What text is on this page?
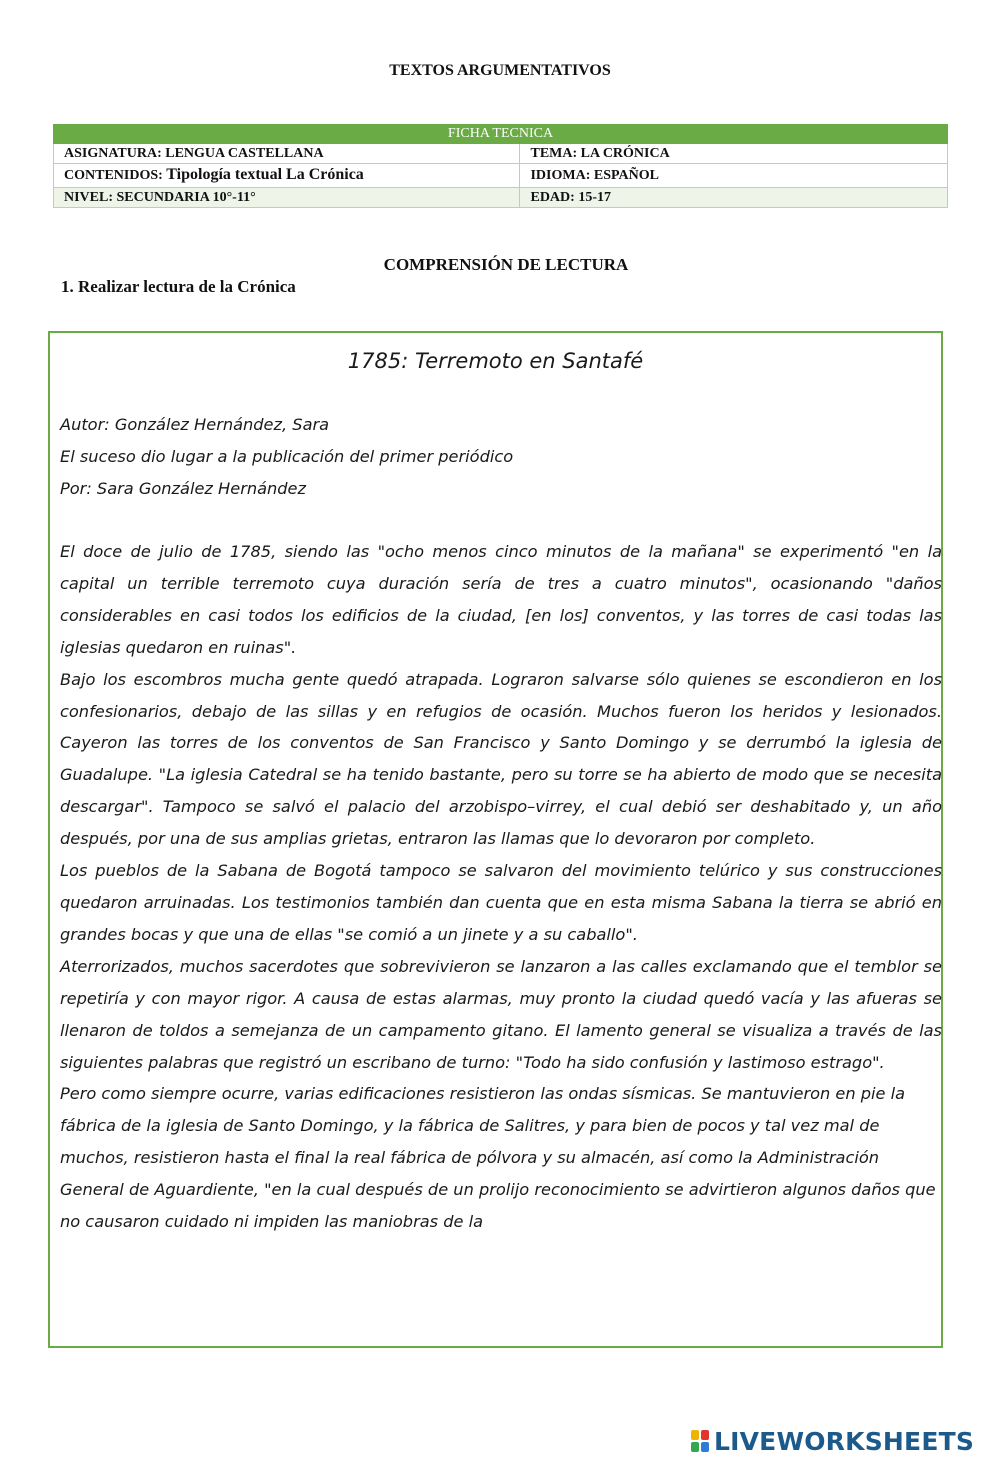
TEXTOS ARGUMENTATIVOS
FICHA TECNICA	
ASIGNATURA: LENGUA CASTELLANA	TEMA: LA CRÓNICA
CONTENIDOS: Tipología textual La Crónica	IDIOMA: ESPAÑOL
NIVEL: SECUNDARIA 10°-11°	EDAD: 15-17
COMPRENSIÓN DE LECTURA
1. Realizar lectura de la Crónica
1785: Terremoto en Santafé
Autor: González Hernández, Sara
El suceso dio lugar a la publicación del primer periódico
Por: Sara González Hernández

El doce de julio de 1785, siendo las "ocho menos cinco minutos de la mañana" se experimentó "en la capital un terrible terremoto cuya duración sería de tres a cuatro minutos", ocasionando "daños considerables en casi todos los edificios de la ciudad, [en los] conventos, y las torres de casi todas las iglesias quedaron en ruinas".

Bajo los escombros mucha gente quedó atrapada. Lograron salvarse sólo quienes se escondieron en los confesionarios, debajo de las sillas y en refugios de ocasión. Muchos fueron los heridos y lesionados. Cayeron las torres de los conventos de San Francisco y Santo Domingo y se derrumbó la iglesia de Guadalupe. "La iglesia Catedral se ha tenido bastante, pero su torre se ha abierto de modo que se necesita descargar". Tampoco se salvó el palacio del arzobispo–virrey, el cual debió ser deshabitado y, un año después, por una de sus amplias grietas, entraron las llamas que lo devoraron por completo.

Los pueblos de la Sabana de Bogotá tampoco se salvaron del movimiento telúrico y sus construcciones quedaron arruinadas. Los testimonios también dan cuenta que en esta misma Sabana la tierra se abrió en grandes bocas y que una de ellas "se comió a un jinete y a su caballo".

Aterrorizados, muchos sacerdotes que sobrevivieron se lanzaron a las calles exclamando que el temblor se repetiría y con mayor rigor. A causa de estas alarmas, muy pronto la ciudad quedó vacía y las afueras se llenaron de toldos a semejanza de un campamento gitano. El lamento general se visualiza a través de las siguientes palabras que registró un escribano de turno: "Todo ha sido confusión y lastimoso estrago".

Pero como siempre ocurre, varias edificaciones resistieron las ondas sísmicas. Se mantuvieron en pie la fábrica de la iglesia de Santo Domingo, y la fábrica de Salitres, y para bien de pocos y tal vez mal de muchos, resistieron hasta el final la real fábrica de pólvora y su almacén, así como la Administración General de Aguardiente, "en la cual después de un prolijo reconocimiento se advirtieron algunos daños que no causaron cuidado ni impiden las maniobras de la

LIVEWORKSHEETS
